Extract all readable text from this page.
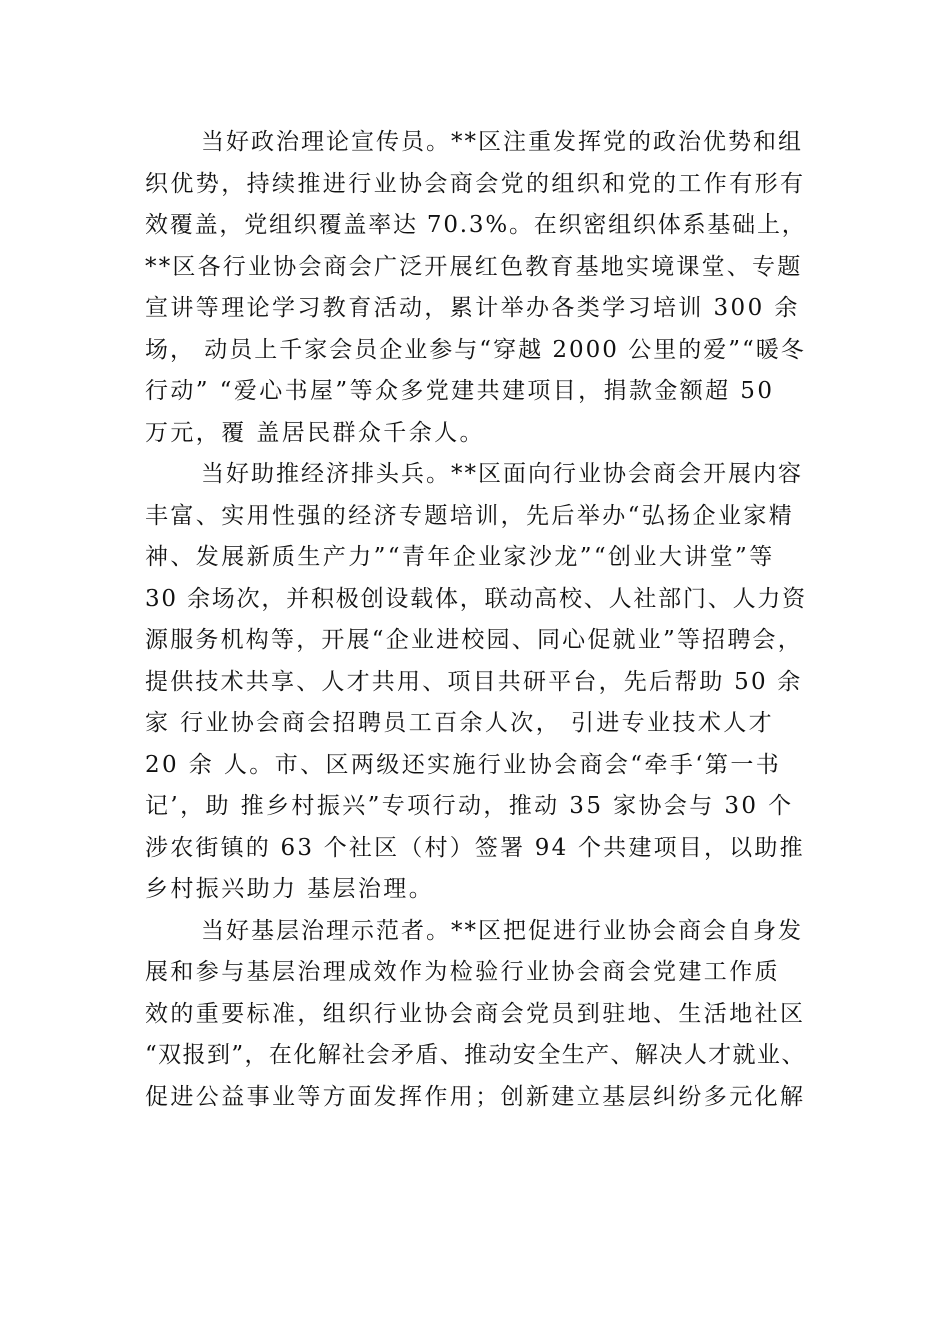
当好政治理论宣传员。**区注重发挥党的政治优势和组
织优势，持续推进行业协会商会党的组织和党的工作有形有
效覆盖，党组织覆盖率达 70.3%。在织密组织体系基础上，
**区各行业协会商会广泛开展红色教育基地实境课堂、专题
宣讲等理论学习教育活动，累计举办各类学习培训 300 余
场， 动员上千家会员企业参与“穿越 2000 公里的爱”“暖冬
行动” “爱心书屋”等众多党建共建项目，捐款金额超 50
万元，覆 盖居民群众千余人。
当好助推经济排头兵。**区面向行业协会商会开展内容
丰富、实用性强的经济专题培训，先后举办“弘扬企业家精
神、发展新质生产力”“青年企业家沙龙”“创业大讲堂”等
30 余场次，并积极创设载体，联动高校、人社部门、人力资
源服务机构等，开展“企业进校园、同心促就业”等招聘会，
提供技术共享、人才共用、项目共研平台，先后帮助 50 余
家 行业协会商会招聘员工百余人次， 引进专业技术人才
20 余 人。市、区两级还实施行业协会商会“牵手‘第一书
记’，助 推乡村振兴”专项行动，推动 35 家协会与 30 个
涉农街镇的 63 个社区（村）签署 94 个共建项目，以助推
乡村振兴助力 基层治理。
当好基层治理示范者。**区把促进行业协会商会自身发
展和参与基层治理成效作为检验行业协会商会党建工作质
效的重要标准，组织行业协会商会党员到驻地、生活地社区
“双报到”，在化解社会矛盾、推动安全生产、解决人才就业、
促进公益事业等方面发挥作用；创新建立基层纠纷多元化解
